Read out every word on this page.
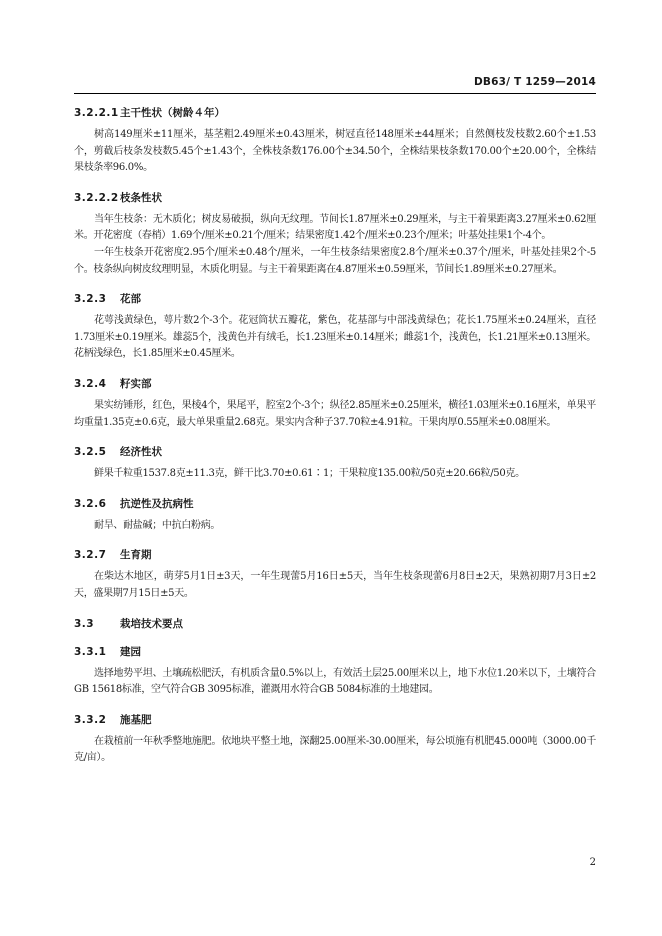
DB63/ T 1259—2014
3.2.2.1主干性状（树龄４年）

树高149厘米±11厘米，基茎粗2.49厘米±0.43厘米，树冠直径148厘米±44厘米；自然侧枝发枝数2.60个±1.53个，剪截后枝条发枝数5.45个±1.43个，全株枝条数176.00个±34.50个，全株结果枝条数170.00个±20.00个，全株结果枝条率96.0%。

3.2.2.2枝条性状

当年生枝条：无木质化；树皮易破损，纵向无纹理。节间长1.87厘米±0.29厘米，与主干着果距离3.27厘米±0.62厘米。开花密度（春梢）1.69个/厘米±0.21个/厘米；结果密度1.42个/厘米±0.23个/厘米；叶基处挂果1个-4个。

一年生枝条开花密度2.95个/厘米±0.48个/厘米，一年生枝条结果密度2.8个/厘米±0.37个/厘米，叶基处挂果2个-5个。枝条纵向树皮纹理明显，木质化明显。与主干着果距离在4.87厘米±0.59厘米，节间长1.89厘米±0.27厘米。

3.2.3 花部

花萼浅黄绿色，萼片数2个-3个。花冠筒状五瓣花，紫色，花基部与中部浅黄绿色；花长1.75厘米±0.24厘米，直径1.73厘米±0.19厘米。雄蕊5个，浅黄色并有绒毛，长1.23厘米±0.14厘米；雌蕊1个，浅黄色，长1.21厘米±0.13厘米。花柄浅绿色，长1.85厘米±0.45厘米。

3.2.4 籽实部

果实纺锤形，红色，果棱4个，果尾平，腔室2个-3个；纵径2.85厘米±0.25厘米，横径1.03厘米±0.16厘米，单果平均重量1.35克±0.6克，最大单果重量2.68克。果实内含种子37.70粒±4.91粒。干果肉厚0.55厘米±0.08厘米。

3.2.5 经济性状

鲜果千粒重1537.8克±11.3克，鲜干比3.70±0.61∶1；干果粒度135.00粒/50克±20.66粒/50克。

3.2.6 抗逆性及抗病性

耐旱、耐盐碱；中抗白粉病。

3.2.7 生育期

在柴达木地区，萌芽5月1日±3天，一年生现蕾5月16日±5天，当年生枝条现蕾6月8日±2天，果熟初期7月3日±2天，盛果期7月15日±5天。

3.3 栽培技术要点
3.3.1 建园

选择地势平坦、土壤疏松肥沃，有机质含量0.5%以上，有效活土层25.00厘米以上，地下水位1.20米以下，土壤符合GB 15618标准，空气符合GB 3095标准，灌溉用水符合GB 5084标准的土地建园。

3.3.2 施基肥

在栽植前一年秋季整地施肥。依地块平整土地，深翻25.00厘米-30.00厘米，每公顷施有机肥45.000吨（3000.00千克/亩）。

2
